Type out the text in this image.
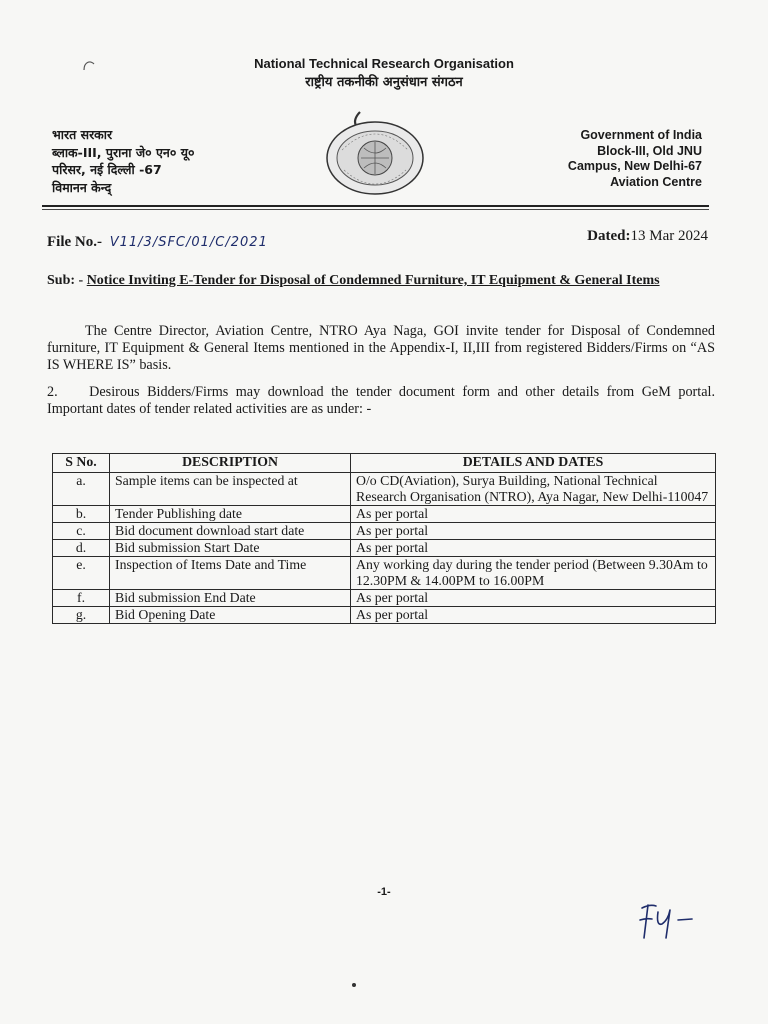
National Technical Research Organisation
राष्ट्रीय तकनीकी अनुसंधान संगठन
भारत सरकार
ब्लाक-III, पुराना जे० एन० यू०
परिसर, नई दिल्ली -67
विमानन केन्द्
Government of India
Block-III, Old JNU
Campus, New Delhi-67
Aviation Centre
File No.- V11/3/SFC/01/C/2021	Dated:13 Mar 2024
Sub: - Notice Inviting E-Tender for Disposal of Condemned Furniture, IT Equipment & General Items
The Centre Director, Aviation Centre, NTRO Aya Naga, GOI invite tender for Disposal of Condemned furniture, IT Equipment & General Items mentioned in the Appendix-I, II,III from registered Bidders/Firms on “AS IS WHERE IS” basis.
2. Desirous Bidders/Firms may download the tender document form and other details from GeM portal. Important dates of tender related activities are as under: -
S No.	DESCRIPTION	DETAILS AND DATES
a.	Sample items can be inspected at	O/o CD(Aviation), Surya Building, National Technical Research Organisation (NTRO), Aya Nagar, New Delhi-110047
b.	Tender Publishing date	As per portal
c.	Bid document download start date	As per portal
d.	Bid submission Start Date	As per portal
e.	Inspection of Items Date and Time	Any working day during the tender period (Between 9.30Am to 12.30PM & 14.00PM to 16.00PM
f.	Bid submission End Date	As per portal
g.	Bid Opening Date	As per portal
-1-
